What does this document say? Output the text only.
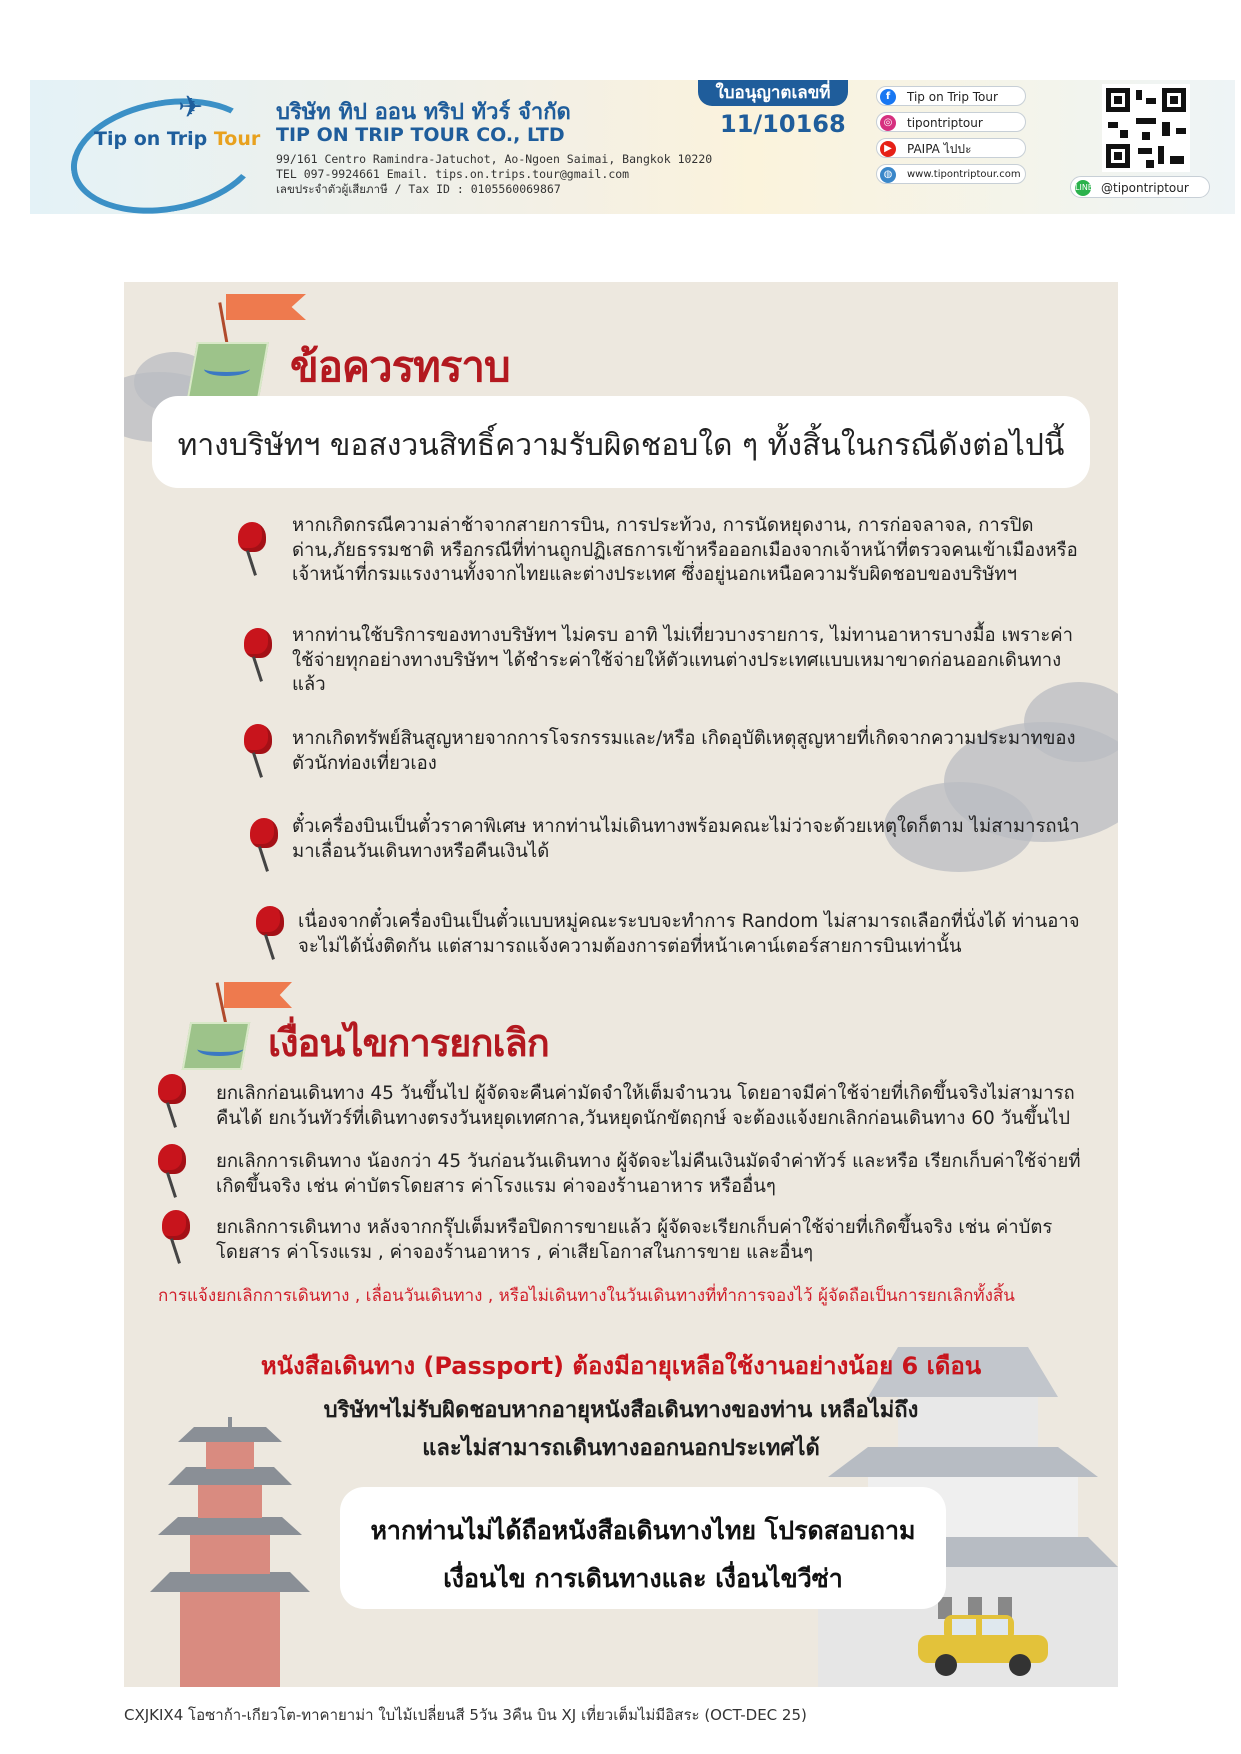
✈
Tip on Trip Tour
บริษัท ทิป ออน ทริป ทัวร์ จำกัด
TIP ON TRIP TOUR CO., LTD
99/161 Centro Ramindra-Jatuchot, Ao-Ngoen Saimai, Bangkok 10220
TEL 097-9924661 Email. tips.on.trips.tour@gmail.com
เลขประจำตัวผู้เสียภาษี / Tax ID : 0105560069867
ใบอนุญาตเลขที่
11/10168
f	Tip on Trip Tour
◎	tipontriptour
▶	PAIPA ไปปะ
◍	www.tipontriptour.com
LINE @tipontriptour
ข้อควรทราบ
ทางบริษัทฯ ขอสงวนสิทธิ์ความรับผิดชอบใด ๆ ทั้งสิ้นในกรณีดังต่อไปนี้
หากเกิดกรณีความล่าช้าจากสายการบิน, การประท้วง, การนัดหยุดงาน, การก่อจลาจล, การปิดด่าน,ภัยธรรมชาติ หรือกรณีที่ท่านถูกปฏิเสธการเข้าหรือออกเมืองจากเจ้าหน้าที่ตรวจคนเข้าเมืองหรือเจ้าหน้าที่กรมแรงงานทั้งจากไทยและต่างประเทศ ซึ่งอยู่นอกเหนือความรับผิดชอบของบริษัทฯ
หากท่านใช้บริการของทางบริษัทฯ ไม่ครบ อาทิ ไม่เที่ยวบางรายการ, ไม่ทานอาหารบางมื้อ เพราะค่าใช้จ่ายทุกอย่างทางบริษัทฯ ได้ชำระค่าใช้จ่ายให้ตัวแทนต่างประเทศแบบเหมาขาดก่อนออกเดินทางแล้ว
หากเกิดทรัพย์สินสูญหายจากการโจรกรรมและ/หรือ เกิดอุบัติเหตุสูญหายที่เกิดจากความประมาทของตัวนักท่องเที่ยวเอง
ตั๋วเครื่องบินเป็นตั๋วราคาพิเศษ หากท่านไม่เดินทางพร้อมคณะไม่ว่าจะด้วยเหตุใดก็ตาม ไม่สามารถนำมาเลื่อนวันเดินทางหรือคืนเงินได้
เนื่องจากตั๋วเครื่องบินเป็นตั๋วแบบหมู่คณะระบบจะทำการ Random ไม่สามารถเลือกที่นั่งได้ ท่านอาจจะไม่ได้นั่งติดกัน แต่สามารถแจ้งความต้องการต่อที่หน้าเคาน์เตอร์สายการบินเท่านั้น
เงื่อนไขการยกเลิก
ยกเลิกก่อนเดินทาง 45 วันขึ้นไป ผู้จัดจะคืนค่ามัดจำให้เต็มจำนวน โดยอาจมีค่าใช้จ่ายที่เกิดขึ้นจริงไม่สามารถคืนได้ ยกเว้นทัวร์ที่เดินทางตรงวันหยุดเทศกาล,วันหยุดนักขัตฤกษ์ จะต้องแจ้งยกเลิกก่อนเดินทาง 60 วันขึ้นไป
ยกเลิกการเดินทาง น้องกว่า 45 วันก่อนวันเดินทาง ผู้จัดจะไม่คืนเงินมัดจำค่าทัวร์ และหรือ เรียกเก็บค่าใช้จ่ายที่เกิดขึ้นจริง เช่น ค่าบัตรโดยสาร ค่าโรงแรม ค่าจองร้านอาหาร หรืออื่นๆ
ยกเลิกการเดินทาง หลังจากกรุ๊ปเต็มหรือปิดการขายแล้ว ผู้จัดจะเรียกเก็บค่าใช้จ่ายที่เกิดขึ้นจริง เช่น ค่าบัตรโดยสาร ค่าโรงแรม , ค่าจองร้านอาหาร , ค่าเสียโอกาสในการขาย และอื่นๆ
การแจ้งยกเลิกการเดินทาง , เลื่อนวันเดินทาง , หรือไม่เดินทางในวันเดินทางที่ทำการจองไว้ ผู้จัดถือเป็นการยกเลิกทั้งสิ้น
หนังสือเดินทาง (Passport) ต้องมีอายุเหลือใช้งานอย่างน้อย 6 เดือน
บริษัทฯไม่รับผิดชอบหากอายุหนังสือเดินทางของท่าน เหลือไม่ถึง
และไม่สามารถเดินทางออกนอกประเทศได้
หากท่านไม่ได้ถือหนังสือเดินทางไทย โปรดสอบถาม
เงื่อนไข การเดินทางและ เงื่อนไขวีซ่า
CXJKIX4 โอซาก้า-เกียวโต-ทาคายาม่า ใบไม้เปลี่ยนสี 5วัน 3คืน บิน XJ เที่ยวเต็มไม่มีอิสระ (OCT-DEC 25)
